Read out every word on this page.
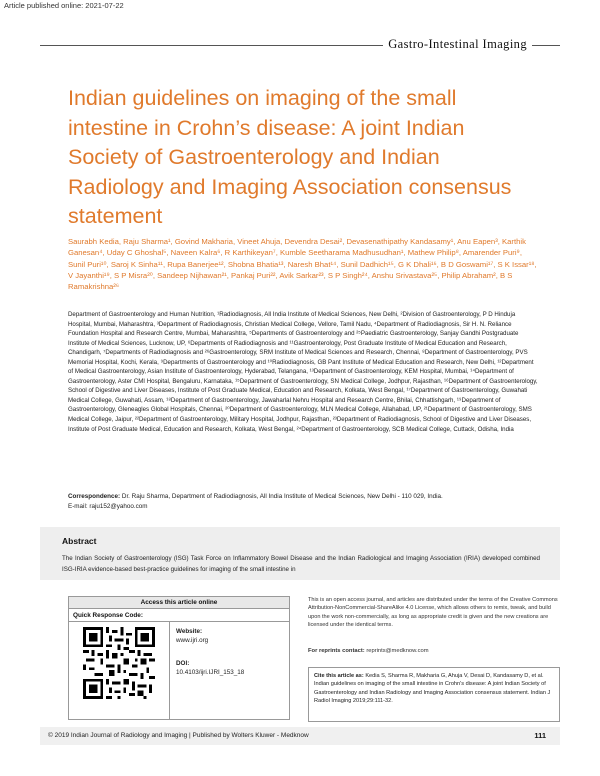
Article published online: 2021-07-22
Gastro-Intestinal Imaging
Indian guidelines on imaging of the small intestine in Crohn’s disease: A joint Indian Society of Gastroenterology and Indian Radiology and Imaging Association consensus statement
Saurabh Kedia, Raju Sharma¹, Govind Makharia, Vineet Ahuja, Devendra Desai², Devasenathipathy Kandasamy¹, Anu Eapen³, Karthik Ganesan⁴, Uday C Ghoshal⁵, Naveen Kalra⁶, R Karthikeyan⁷, Kumble Seetharama Madhusudhan¹, Mathew Philip⁸, Amarender Puri⁹, Sunil Puri¹⁰, Saroj K Sinha¹¹, Rupa Banerjee¹², Shobna Bhatia¹³, Naresh Bhat¹⁴, Sunil Dadhich¹⁵, G K Dhali¹⁶, B D Goswami¹⁷, S K Issar¹⁸, V Jayanthi¹⁹, S P Misra²⁰, Sandeep Nijhawan²¹, Pankaj Puri²², Avik Sarkar²³, S P Singh²⁴, Anshu Srivastava²⁵, Philip Abraham², B S Ramakrishna²⁶
Department of Gastroenterology and Human Nutrition, ¹Radiodiagnosis, All India Institute of Medical Sciences, New Delhi, ²Division of Gastroenterology, P D Hinduja Hospital, Mumbai, Maharashtra, ³Department of Radiodiagnosis, Christian Medical College, Vellore, Tamil Nadu, ⁴Department of Radiodiagnosis, Sir H. N. Reliance Foundation Hospital and Research Centre, Mumbai, Maharashtra, ⁵Departments of Gastroenterology and ²⁵Paediatric Gastroenterology, Sanjay Gandhi Postgraduate Institute of Medical Sciences, Lucknow, UP, ⁶Departments of Radiodiagnosis and ¹¹Gastroenterology, Post Graduate Institute of Medical Education and Research, Chandigarh, ⁷Departments of Radiodiagnosis and ²⁶Gastroenterology, SRM Institute of Medical Sciences and Research, Chennai, ⁸Department of Gastroenterology, PVS Memorial Hospital, Kochi, Kerala, ⁹Departments of Gastroenterology and ¹⁰Radiodiagnosis, GB Pant Institute of Medical Education and Research, New Delhi, ¹²Department of Medical Gastroenterology, Asian Institute of Gastroenterology, Hyderabad, Telangana, ¹³Department of Gastroenterology, KEM Hospital, Mumbai, ¹⁴Department of Gastroenterology, Aster CMI Hospital, Bengaluru, Karnataka, ¹⁵Department of Gastroenterology, SN Medical College, Jodhpur, Rajasthan, ¹⁶Department of Gastroenterology, School of Digestive and Liver Diseases, Institute of Post Graduate Medical, Education and Research, Kolkata, West Bengal, ¹⁷Department of Gastroenterology, Guwahati Medical College, Guwahati, Assam, ¹⁸Department of Gastroenterology, Jawaharlal Nehru Hospital and Research Centre, Bhilai, Chhattishgarh, ¹⁹Department of Gastroenterology, Gleneagles Global Hospitals, Chennai, ²⁰Department of Gastroenterology, MLN Medical College, Allahabad, UP, ²¹Department of Gastroenterology, SMS Medical College, Jaipur, ²²Department of Gastroenterology, Military Hospital, Jodhpur, Rajasthan, ²³Department of Radiodiagnosis, School of Digestive and Liver Diseases, Institute of Post Graduate Medical, Education and Research, Kolkata, West Bengal, ²⁴Department of Gastroenterology, SCB Medical College, Cuttack, Odisha, India
Correspondence: Dr. Raju Sharma, Department of Radiodiagnosis, All India Institute of Medical Sciences, New Delhi - 110 029, India.
E-mail: raju152@yahoo.com
Abstract
The Indian Society of Gastroenterology (ISG) Task Force on Inflammatory Bowel Disease and the Indian Radiological and Imaging Association (IRIA) developed combined ISG-IRIA evidence-based best-practice guidelines for imaging of the small intestine in
Access this article online
Quick Response Code:
Website:
www.ijri.org
DOI:
10.4103/ijri.IJRI_153_18
This is an open access journal, and articles are distributed under the terms of the Creative Commons Attribution-NonCommercial-ShareAlike 4.0 License, which allows others to remix, tweak, and build upon the work non-commercially, as long as appropriate credit is given and the new creations are licensed under the identical terms.
For reprints contact: reprints@medknow.com
Cite this article as: Kedia S, Sharma R, Makharia G, Ahuja V, Desai D, Kandasamy D, et al. Indian guidelines on imaging of the small intestine in Crohn's disease: A joint Indian Society of Gastroenterology and Indian Radiology and Imaging Association consensus statement. Indian J Radiol Imaging 2019;29:111-32.
© 2019 Indian Journal of Radiology and Imaging | Published by Wolters Kluwer - Medknow	111
